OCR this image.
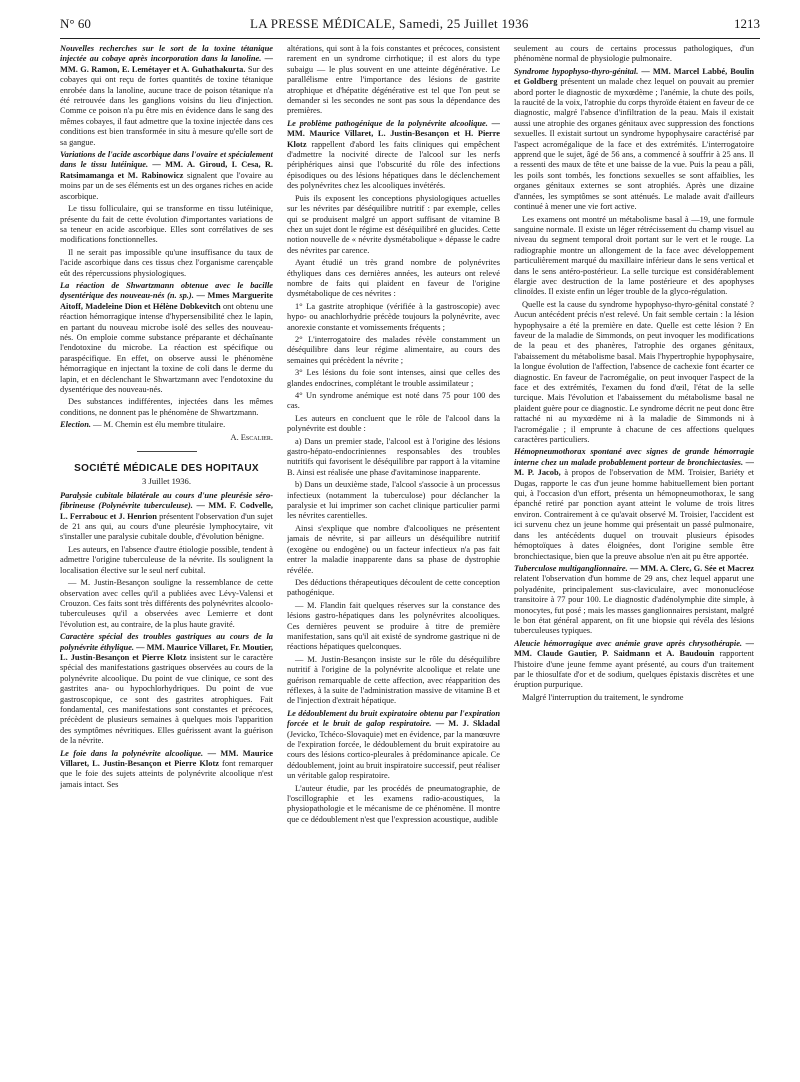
N° 60	LA PRESSE MÉDICALE, Samedi, 25 Juillet 1936	1213

Nouvelles recherches sur le sort de la toxine tétanique injectée au cobaye après incorporation dans la lanoline. — MM. G. Ramon, E. Lemétayer et A. Guhathakurta. Sur des cobayes qui ont reçu de fortes quantités de toxine tétanique enrobée dans la lanoline, aucune trace de poison tétanique n'a été retrouvée dans les ganglions voisins du lieu d'injection. Comme ce poison n'a pu être mis en évidence dans le sang des mêmes cobayes, il faut admettre que la toxine injectée dans ces conditions est bien transformée in situ à mesure qu'elle sort de sa gangue.

Variations de l'acide ascorbique dans l'ovaire et spécialement dans le tissu lutéinique. — MM. A. Giroud, I. Cesa, R. Ratsimamanga et M. Rabinowicz signalent que l'ovaire au moins par un de ses éléments est un des organes riches en acide ascorbique.

Le tissu folliculaire, qui se transforme en tissu lutéinique, présente du fait de cette évolution d'importantes variations de sa teneur en acide ascorbique. Elles sont corrélatives de ses modifications fonctionnelles.

Il ne serait pas impossible qu'une insuffisance du taux de l'acide ascorbique dans ces tissus chez l'organisme carençable eût des répercussions physiologiques.

La réaction de Shwartzmann obtenue avec le bacille dysentérique des nouveau-nés (n. sp.). — Mmes Marguerite Aitoff, Madeleine Dion et Hélène Dobkevitch ont obtenu une réaction hémorragique intense d'hypersensibilité chez le lapin, en partant du nouveau microbe isolé des selles des nouveau-nés. On emploie comme substance préparante et déchaînante l'endotoxine du microbe. La réaction est spécifique ou paraspécifique. En effet, on observe aussi le phénomène hémorragique en injectant la toxine de coli dans le derme du lapin, et en déclenchant le Shwartzmann avec l'endotoxine du dysentérique des nouveau-nés.

Des substances indifférentes, injectées dans les mêmes conditions, ne donnent pas le phénomène de Shwartzmann.

Election. — M. Chemin est élu membre titulaire.

A. Escalier.

SOCIÉTÉ MÉDICALE DES HOPITAUX
3 Juillet 1936.

Paralysie cubitale bilatérale au cours d'une pleurésie séro-fibrineuse (Polynévrite tuberculeuse). — MM. F. Codvelle, L. Ferrabouc et J. Henrion présentent l'observation d'un sujet de 21 ans qui, au cours d'une pleurésie lymphocytaire, vit s'installer une paralysie cubitale double, d'évolution bénigne.

Les auteurs, en l'absence d'autre étiologie possible, tendent à admettre l'origine tuberculeuse de la névrite. Ils soulignent la localisation élective sur le seul nerf cubital.

— M. Justin-Besançon souligne la ressemblance de cette observation avec celles qu'il a publiées avec Lévy-Valensi et Crouzon. Ces faits sont très différents des polynévrites alcoolo-tuberculeuses qu'il a observées avec Lemierre et dont l'évolution est, au contraire, de la plus haute gravité.

Caractère spécial des troubles gastriques au cours de la polynévrite éthylique. — MM. Maurice Villaret, Fr. Moutier, L. Justin-Besançon et Pierre Klotz insistent sur le caractère spécial des manifestations gastriques observées au cours de la polynévrite alcoolique. Du point de vue clinique, ce sont des gastrites ana- ou hypochlorhydriques. Du point de vue gastroscopique, ce sont des gastrites atrophiques. Fait fondamental, ces manifestations sont constantes et précoces, précèdent de plusieurs semaines à quelques mois l'apparition des symptômes névritiques. Elles guérissent avant la guérison de la névrite.

Le foie dans la polynévrite alcoolique. — MM. Maurice Villaret, L. Justin-Besançon et Pierre Klotz font remarquer que le foie des sujets atteints de polynévrite alcoolique n'est jamais intact. Ses

altérations, qui sont à la fois constantes et précoces, consistent rarement en un syndrome cirrhotique; il est alors du type subaigu — le plus souvent en une atteinte dégénérative. Le parallélisme entre l'importance des lésions de gastrite atrophique et d'hépatite dégénérative est tel que l'on peut se demander si les secondes ne sont pas sous la dépendance des premières.

Le problème pathogénique de la polynévrite alcoolique. — MM. Maurice Villaret, L. Justin-Besançon et H. Pierre Klotz rappellent d'abord les faits cliniques qui empêchent d'admettre la nocivité directe de l'alcool sur les nerfs périphériques ainsi que l'obscurité du rôle des infections épisodiques ou des lésions hépatiques dans le déclenchement des polynévrites chez les alcooliques invétérés.

Puis ils exposent les conceptions physiologiques actuelles sur les névrites par déséquilibre nutritif : par exemple, celles qui se produisent malgré un apport suffisant de vitamine B chez un sujet dont le régime est déséquilibré en glucides. Cette notion nouvelle de « névrite dysmétabolique » dépasse le cadre des névrites par carence.

Ayant étudié un très grand nombre de polynévrites éthyliques dans ces dernières années, les auteurs ont relevé nombre de faits qui plaident en faveur de l'origine dysmétabolique de ces névrites :

1° La gastrite atrophique (vérifiée à la gastroscopie) avec hypo- ou anachlorhydrie précède toujours la polynévrite, avec anorexie constante et vomissements fréquents ;

2° L'interrogatoire des malades révèle constamment un déséquilibre dans leur régime alimentaire, au cours des semaines qui précèdent la névrite ;

3° Les lésions du foie sont intenses, ainsi que celles des glandes endocrines, complétant le trouble assimilateur ;

4° Un syndrome anémique est noté dans 75 pour 100 des cas.

Les auteurs en concluent que le rôle de l'alcool dans la polynévrite est double :

a) Dans un premier stade, l'alcool est à l'origine des lésions gastro-hépato-endocriniennes responsables des troubles nutritifs qui favorisent le déséquilibre par rapport à la vitamine B. Ainsi est réalisée une phase d'avitaminose inapparente.

b) Dans un deuxième stade, l'alcool s'associe à un processus infectieux (notamment la tuberculose) pour déclancher la paralysie et lui imprimer son cachet clinique particulier parmi les névrites carentielles.

Ainsi s'explique que nombre d'alcooliques ne présentent jamais de névrite, si par ailleurs un déséquilibre nutritif (exogène ou endogène) ou un facteur infectieux n'a pas fait entrer la maladie inapparente dans sa phase de dystrophie révélée.

Des déductions thérapeutiques découlent de cette conception pathogénique.

— M. Flandin fait quelques réserves sur la constance des lésions gastro-hépatiques dans les polynévrites alcooliques. Ces dernières peuvent se produire à titre de première manifestation, sans qu'il ait existé de syndrome gastrique ni de réactions hépatiques quelconques.

— M. Justin-Besançon insiste sur le rôle du déséquilibre nutritif à l'origine de la polynévrite alcoolique et relate une guérison remarquable de cette affection, avec réapparition des réflexes, à la suite de l'administration massive de vitamine B et de l'injection d'extrait hépatique.

Le dédoublement du bruit expiratoire obtenu par l'expiration forcée et le bruit de galop respiratoire. — M. J. Skladal (Jevicko, Tchéco-Slovaquie) met en évidence, par la manœuvre de l'expiration forcée, le dédoublement du bruit expiratoire au cours des lésions cortico-pleurales à prédominance apicale. Ce dédoublement, joint au bruit inspiratoire successif, peut réaliser un véritable galop respiratoire.

L'auteur étudie, par les procédés de pneumatographie, de l'oscillographie et les examens radio-acoustiques, la physiopathologie et le mécanisme de ce phénomène. Il montre que ce dédoublement n'est que l'expression acoustique, audible

seulement au cours de certains processus pathologiques, d'un phénomène normal de physiologie pulmonaire.

Syndrome hypophyso-thyro-génital. — MM. Marcel Labbé, Boulin et Goldberg présentent un malade chez lequel on pouvait au premier abord porter le diagnostic de myxœdème ; l'anémie, la chute des poils, la raucité de la voix, l'atrophie du corps thyroïde étaient en faveur de ce diagnostic, malgré l'absence d'infiltration de la peau. Mais il existait aussi une atrophie des organes génitaux avec suppression des fonctions sexuelles. Il existait surtout un syndrome hypophysaire caractérisé par l'aspect acromégalique de la face et des extrémités. L'interrogatoire apprend que le sujet, âgé de 56 ans, a commencé à souffrir à 25 ans. Il a ressenti des maux de tête et une baisse de la vue. Puis la peau a pâli, les poils sont tombés, les fonctions sexuelles se sont affaiblies, les organes génitaux externes se sont atrophiés. Après une dizaine d'années, les symptômes se sont atténués. Le malade avait d'ailleurs continué à mener une vie fort active.

Les examens ont montré un métabolisme basal à —19, une formule sanguine normale. Il existe un léger rétrécissement du champ visuel au niveau du segment temporal droit portant sur le vert et le rouge. La radiographie montre un allongement de la face avec développement particulièrement marqué du maxillaire inférieur dans le sens vertical et dans le sens antéro-postérieur. La selle turcique est considérablement élargie avec destruction de la lame postérieure et des apophyses clinoïdes. Il existe enfin un léger trouble de la glyco-régulation.

Quelle est la cause du syndrome hypophyso-thyro-génital constaté ? Aucun antécédent précis n'est relevé. Un fait semble certain : la lésion hypophysaire a été la première en date. Quelle est cette lésion ? En faveur de la maladie de Simmonds, on peut invoquer les modifications de la peau et des phanères, l'atrophie des organes génitaux, l'abaissement du métabolisme basal. Mais l'hypertrophie hypophysaire, la longue évolution de l'affection, l'absence de cachexie font écarter ce diagnostic. En faveur de l'acromégalie, on peut invoquer l'aspect de la face et des extrémités, l'examen du fond d'œil, l'état de la selle turcique. Mais l'évolution et l'abaissement du métabolisme basal ne plaident guère pour ce diagnostic. Le syndrome décrit ne peut donc être rattaché ni au myxœdème ni à la maladie de Simmonds ni à l'acromégalie ; il emprunte à chacune de ces affections quelques caractères particuliers.

Hémopneumothorax spontané avec signes de grande hémorragie interne chez un malade probablement porteur de bronchiectasies. — M. P. Jacob, à propos de l'observation de MM. Troisier, Bariéty et Dugas, rapporte le cas d'un jeune homme habituellement bien portant qui, à l'occasion d'un effort, présenta un hémopneumothorax, le sang épanché retiré par ponction ayant atteint le volume de trois litres environ. Contrairement à ce qu'avait observé M. Troisier, l'accident est ici survenu chez un jeune homme qui présentait un passé pulmonaire, dans les antécédents duquel on trouvait plusieurs épisodes hémoptoïques à dates éloignées, dont l'origine semble être bronchiectasique, bien que la preuve absolue n'en ait pu être apportée.

Tuberculose multiganglionnaire. — MM. A. Clerc, G. Sée et Macrez relatent l'observation d'un homme de 29 ans, chez lequel apparut une polyadénite, principalement sus-claviculaire, avec mononucléose transitoire à 77 pour 100. Le diagnostic d'adénolymphie dite simple, à monocytes, fut posé ; mais les masses ganglionnaires persistant, malgré le bon état général apparent, on fit une biopsie qui révéla des lésions tuberculeuses typiques.

Aleucie hémorragique avec anémie grave après chrysothérapie. — MM. Claude Gautier, P. Saidmann et A. Baudouin rapportent l'histoire d'une jeune femme ayant présenté, au cours d'un traitement par le thiosulfate d'or et de sodium, quelques épistaxis discrètes et une éruption purpurique.

Malgré l'interruption du traitement, le syndrome
